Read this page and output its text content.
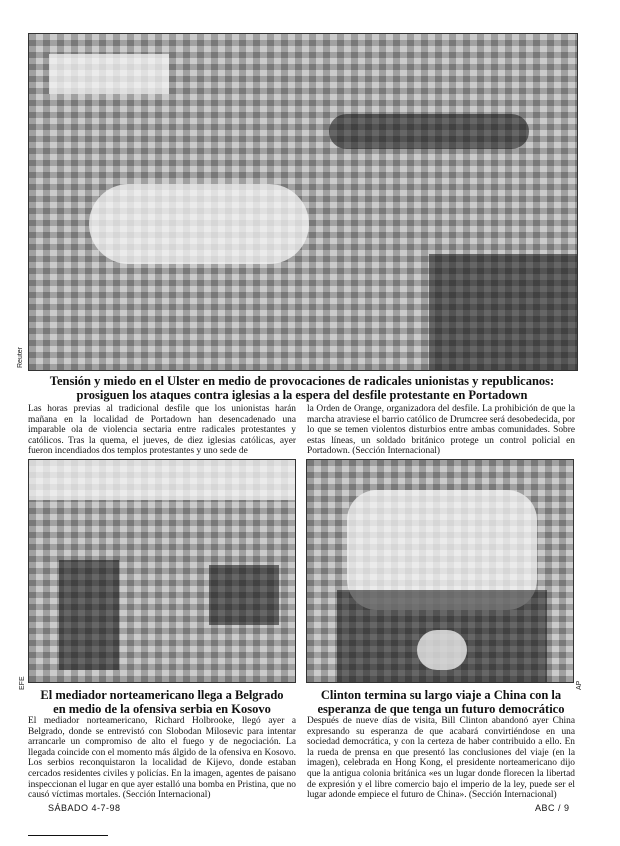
Reuter
Tensión y miedo en el Ulster en medio de provocaciones de radicales unionistas y republicanos:
prosiguen los ataques contra iglesias a la espera del desfile protestante en Portadown

Las horas previas al tradicional desfile que los unionistas harán mañana en la localidad de Portadown han desencadenado una imparable ola de violencia sectaria entre radicales protestantes y católicos. Tras la quema, el jueves, de diez iglesias católicas, ayer fueron incendiados dos templos protestantes y uno sede de

la Orden de Orange, organizadora del desfile. La prohibición de que la marcha atraviese el barrio católico de Drumcree será desobedecida, por lo que se temen violentos disturbios entre ambas comunidades. Sobre estas líneas, un soldado británico protege un control policial en Portadown. (Sección Internacional)

EFE	AP
El mediador norteamericano llega a Belgrado
en medio de la ofensiva serbia en Kosovo

El mediador norteamericano, Richard Holbrooke, llegó ayer a Belgrado, donde se entrevistó con Slobodan Milosevic para intentar arrancarle un compromiso de alto el fuego y de negociación. La llegada coincide con el momento más álgido de la ofensiva en Kosovo. Los serbios reconquistaron la localidad de Kijevo, donde estaban cercados residentes civiles y policías. En la imagen, agentes de paisano inspeccionan el lugar en que ayer estalló una bomba en Pristina, que no causó víctimas mortales. (Sección Internacional)

Clinton termina su largo viaje a China con la
esperanza de que tenga un futuro democrático

Después de nueve días de visita, Bill Clinton abandonó ayer China expresando su esperanza de que acabará convirtiéndose en una sociedad democrática, y con la certeza de haber contribuido a ello. En la rueda de prensa en que presentó las conclusiones del viaje (en la imagen), celebrada en Hong Kong, el presidente norteamericano dijo que la antigua colonia británica «es un lugar donde florecen la libertad de expresión y el libre comercio bajo el imperio de la ley, puede ser el lugar adonde empiece el futuro de China». (Sección Internacional)

SÁBADO 4-7-98	ABC / 9
